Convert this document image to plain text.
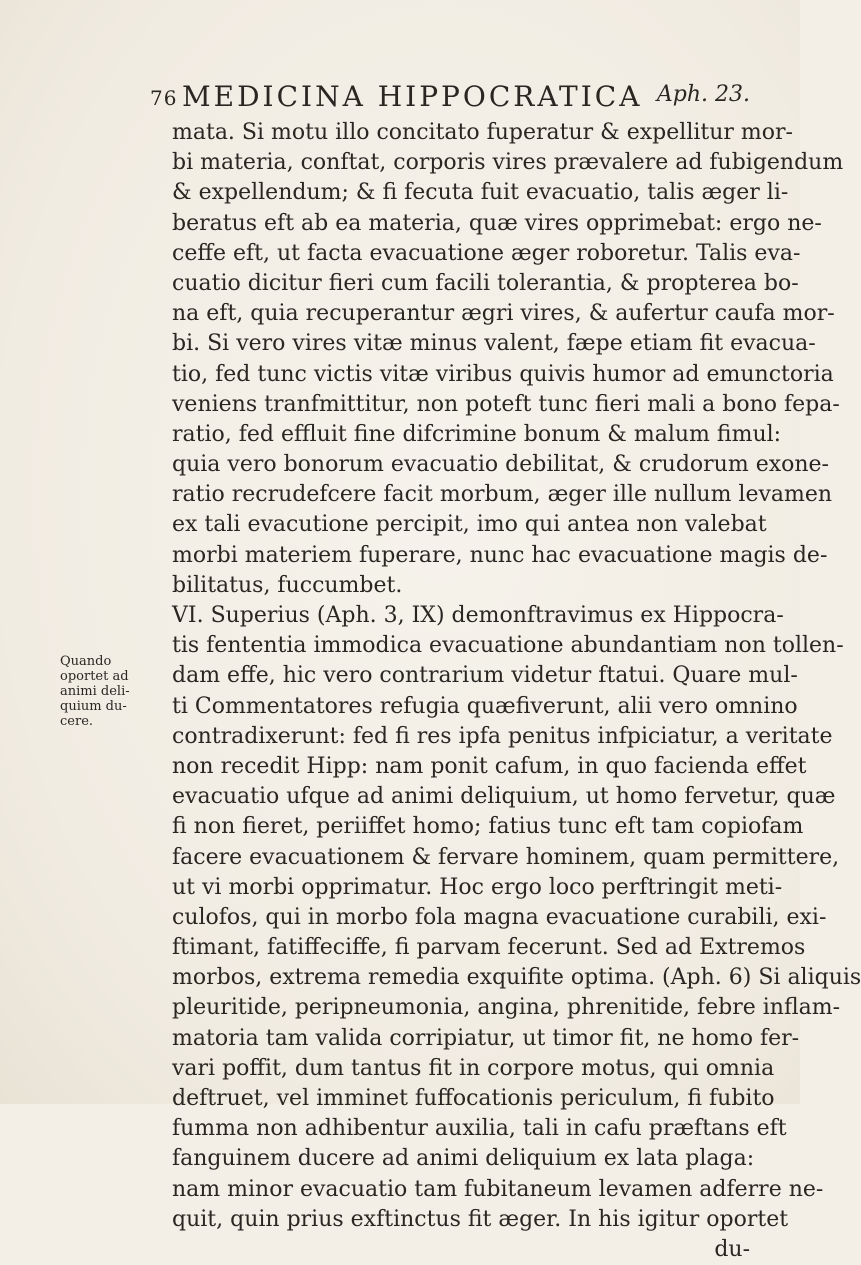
76 MEDICINA HIPPOCRATICA Aph. 23.
Quando
oportet ad
animi deli-
quium du-
cere.
mata. Si motu illo concitato fuperatur & expellitur mor-
bi materia, conftat, corporis vires prævalere ad fubigendum
& expellendum; & fi fecuta fuit evacuatio, talis æger li-
beratus eft ab ea materia, quæ vires opprimebat: ergo ne-
ceffe eft, ut facta evacuatione æger roboretur. Talis eva-
cuatio dicitur fieri cum facili tolerantia, & propterea bo-
na eft, quia recuperantur ægri vires, & aufertur caufa mor-
bi. Si vero vires vitæ minus valent, fæpe etiam fit evacua-
tio, fed tunc victis vitæ viribus quivis humor ad emunctoria
veniens tranfmittitur, non poteft tunc fieri mali a bono fepa-
ratio, fed effluit fine difcrimine bonum & malum fimul:
quia vero bonorum evacuatio debilitat, & crudorum exone-
ratio recrudefcere facit morbum, æger ille nullum levamen
ex tali evacutione percipit, imo qui antea non valebat
morbi materiem fuperare, nunc hac evacuatione magis de-
bilitatus, fuccumbet.
VI. Superius (Aph. 3, IX) demonftravimus ex Hippocra-
tis fententia immodica evacuatione abundantiam non tollen-
dam effe, hic vero contrarium videtur ftatui. Quare mul-
ti Commentatores refugia quæfiverunt, alii vero omnino
contradixerunt: fed fi res ipfa penitus infpiciatur, a veritate
non recedit Hipp: nam ponit cafum, in quo facienda effet
evacuatio ufque ad animi deliquium, ut homo fervetur, quæ
fi non fieret, periiffet homo; fatius tunc eft tam copiofam
facere evacuationem & fervare hominem, quam permittere,
ut vi morbi opprimatur. Hoc ergo loco perftringit meti-
culofos, qui in morbo fola magna evacuatione curabili, exi-
ftimant, fatiffeciffe, fi parvam fecerunt. Sed ad Extremos
morbos, extrema remedia exquifite optima. (Aph. 6) Si aliquis
pleuritide, peripneumonia, angina, phrenitide, febre inflam-
matoria tam valida corripiatur, ut timor fit, ne homo fer-
vari poffit, dum tantus fit in corpore motus, qui omnia
deftruet, vel imminet fuffocationis periculum, fi fubito
fumma non adhibentur auxilia, tali in cafu præftans eft
fanguinem ducere ad animi deliquium ex lata plaga:
nam minor evacuatio tam fubitaneum levamen adferre ne-
quit, quin prius exftinctus fit æger. In his igitur oportet
du-
